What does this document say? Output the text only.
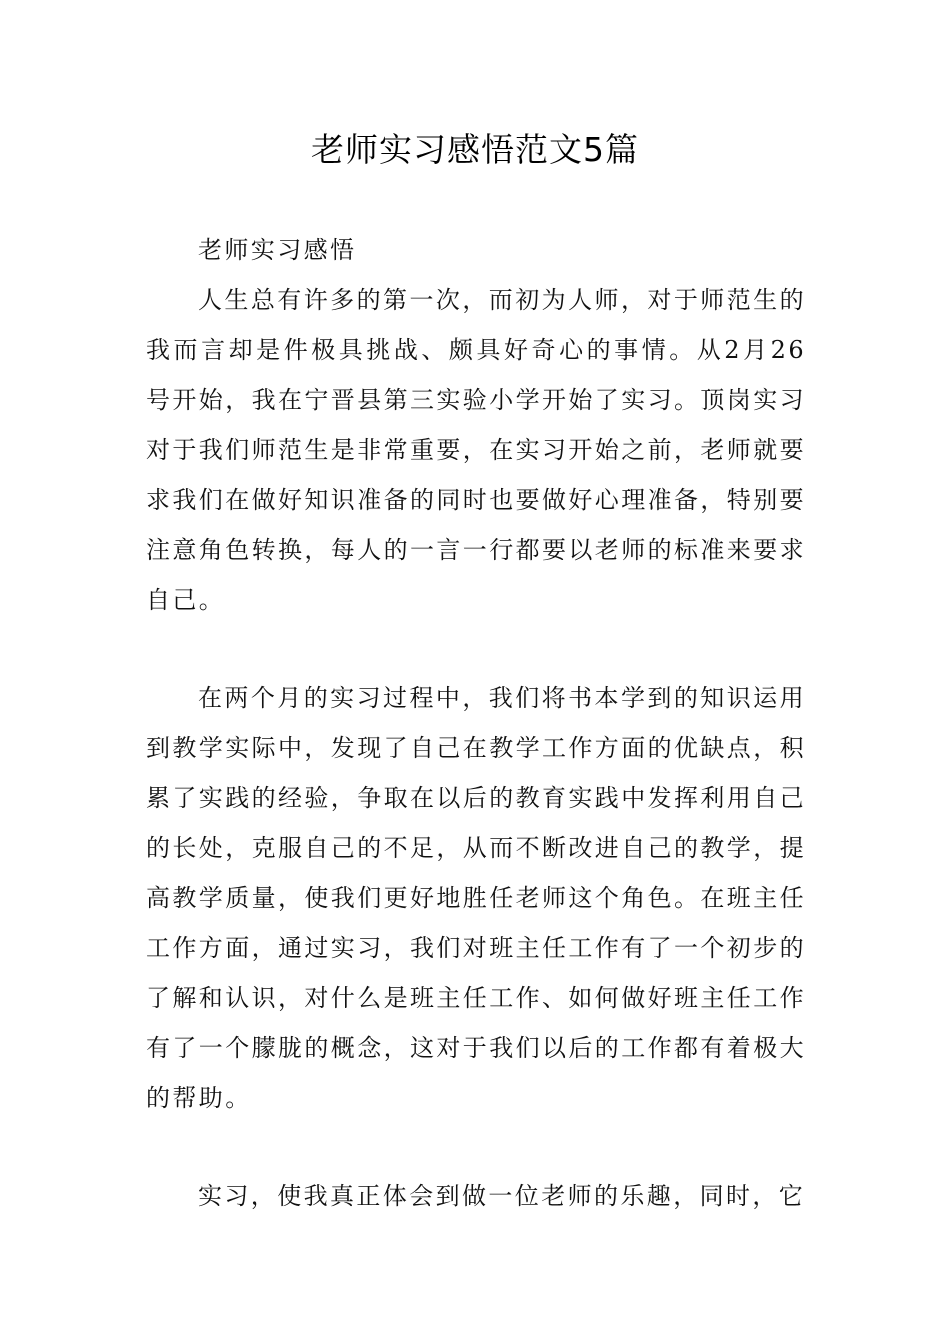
老师实习感悟范文5篇

老师实习感悟

人生总有许多的第一次，而初为人师，对于师范生的我而言却是件极具挑战、颇具好奇心的事情。从2月26号开始，我在宁晋县第三实验小学开始了实习。顶岗实习对于我们师范生是非常重要，在实习开始之前，老师就要求我们在做好知识准备的同时也要做好心理准备，特别要注意角色转换，每人的一言一行都要以老师的标准来要求自己。

在两个月的实习过程中，我们将书本学到的知识运用到教学实际中，发现了自己在教学工作方面的优缺点，积累了实践的经验，争取在以后的教育实践中发挥利用自己的长处，克服自己的不足，从而不断改进自己的教学，提高教学质量，使我们更好地胜任老师这个角色。在班主任工作方面，通过实习，我们对班主任工作有了一个初步的了解和认识，对什么是班主任工作、如何做好班主任工作有了一个朦胧的概念，这对于我们以后的工作都有着极大的帮助。

实习，使我真正体会到做一位老师的乐趣，同时，它
